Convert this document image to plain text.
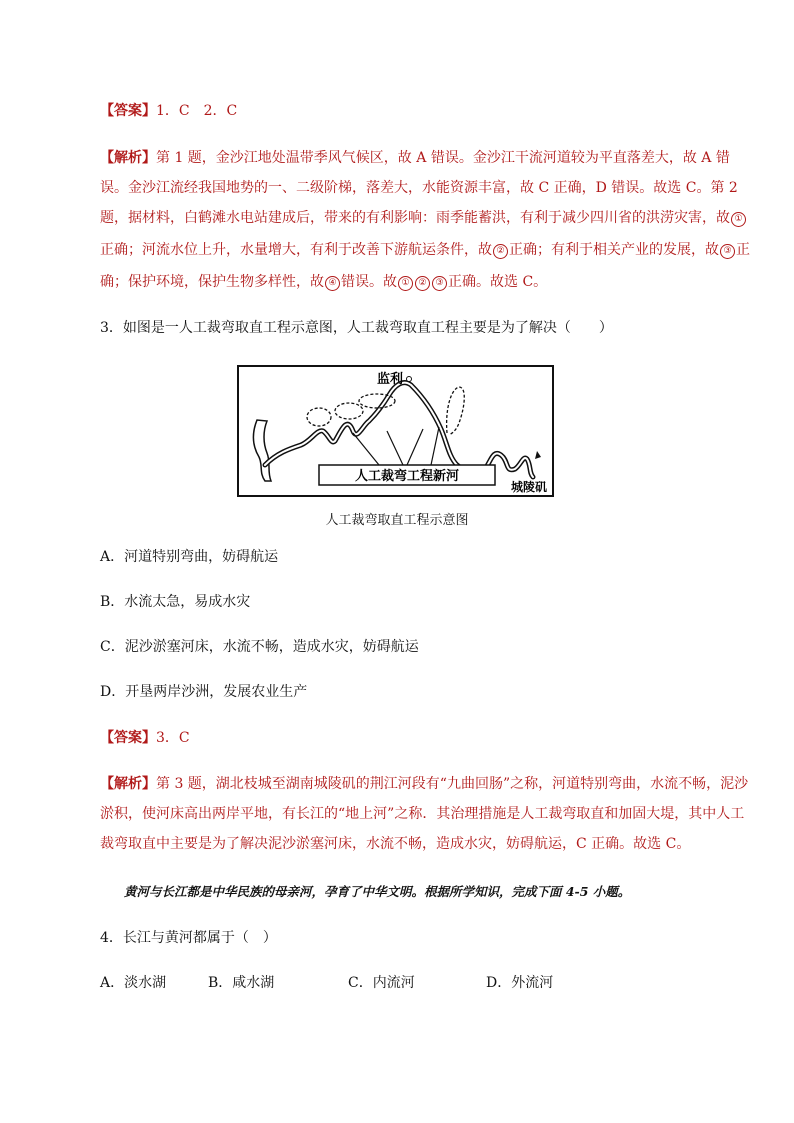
【答案】1．C　2．C
【解析】第 1 题，金沙江地处温带季风气候区，故 A 错误。金沙江干流河道较为平直落差大，故 A 错
误。金沙江流经我国地势的一、二级阶梯，落差大，水能资源丰富，故 C 正确，D 错误。故选 C。第 2
题，据材料，白鹤滩水电站建成后，带来的有利影响：雨季能蓄洪，有利于减少四川省的洪涝灾害，故 ①
正确；河流水位上升，水量增大，有利于改善下游航运条件，故 ② 正确；有利于相关产业的发展，故 ③ 正
确；保护环境，保护生物多样性，故 ④ 错误。故 ① ② ③ 正确。故选 C。
3．如图是一人工裁弯取直工程示意图，人工裁弯取直工程主要是为了解决（　　）
人工裁弯工程新河
监利
城陵矶
人工裁弯取直工程示意图
A．河道特别弯曲，妨碍航运
B．水流太急，易成水灾
C．泥沙淤塞河床，水流不畅，造成水灾，妨碍航运
D．开垦两岸沙洲，发展农业生产
【答案】3．C
【解析】第 3 题，湖北枝城至湖南城陵矶的荆江河段有“九曲回肠”之称，河道特别弯曲，水流不畅，泥沙
淤积，使河床高出两岸平地，有长江的“地上河”之称．其治理措施是人工裁弯取直和加固大堤，其中人工
裁弯取直中主要是为了解决泥沙淤塞河床，水流不畅，造成水灾，妨碍航运，C 正确。故选 C。
黄河与长江都是中华民族的母亲河，孕育了中华文明。根据所学知识，完成下面 4-5 小题。
4．长江与黄河都属于（　）
A．淡水湖	B．咸水湖	C．内流河	D．外流河
